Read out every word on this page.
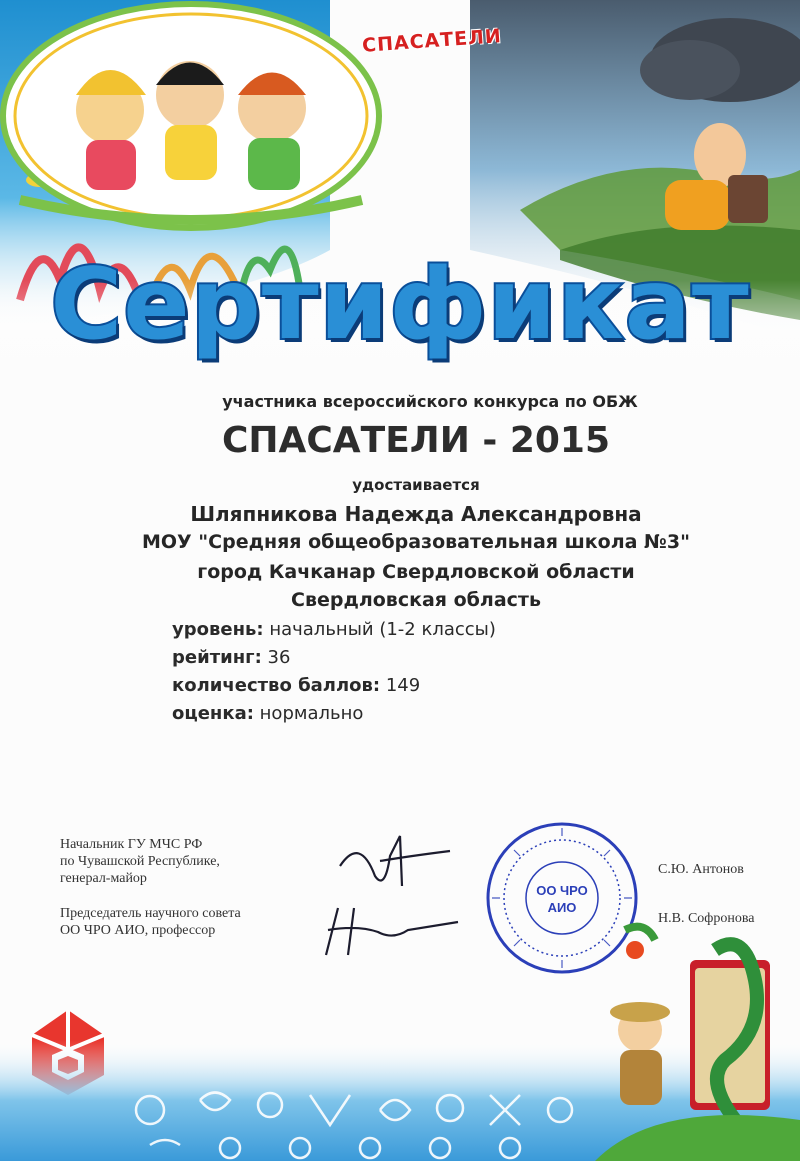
СПАСАТЕЛИ
Сертификат
участника всероссийского конкурса по ОБЖ
СПАСАТЕЛИ - 2015
удостаивается
Шляпникова Надежда Александровна
МОУ "Средняя общеобразовательная школа №3"
город Качканар Свердловской области
Свердловская область
уровень: начальный (1-2 классы)
рейтинг: 36
количество баллов: 149
оценка: нормально
Начальник ГУ МЧС РФ
по Чувашской Республике,
генерал-майор
Председатель научного совета
ОО ЧРО АИО, профессор
С.Ю. Антонов
Н.В. Софронова
ОО ЧРО
АИО
